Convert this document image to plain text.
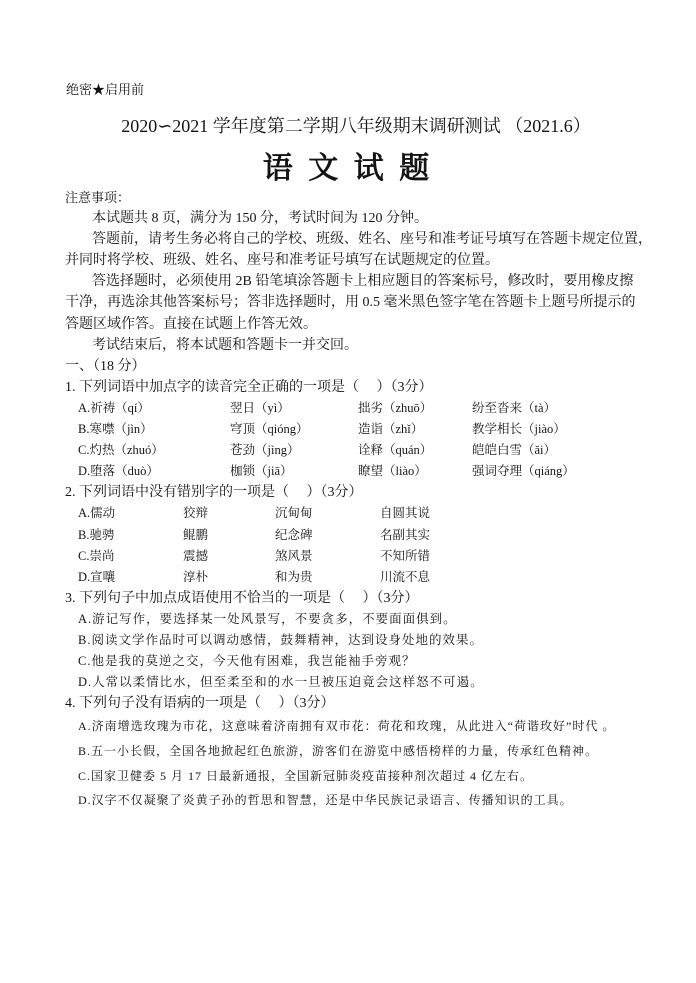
绝密★启用前
2020∽2021 学年度第二学期八年级期末调研测试 （2021.6）
语 文 试 题
注意事项：
本试题共 8 页，满分为 150 分，考试时间为 120 分钟。
答题前，请考生务必将自己的学校、班级、姓名、座号和准考证号填写在答题卡规定位置，
并同时将学校、班级、姓名、座号和准考证号填写在试题规定的位置。
答选择题时，必须使用 2B 铅笔填涂答题卡上相应题目的答案标号，修改时，要用橡皮擦
干净，再选涂其他答案标号；答非选择题时，用 0.5 毫米黑色签字笔在答题卡上题号所提示的
答题区域作答。直接在试题上作答无效。
考试结束后，将本试题和答题卡一并交回。
一、（18 分）
1. 下列词语中加点字的读音完全正确的一项是（     ）（3分）

A.祈祷（qí）

	翌日（yì）

	拙劣（zhuō）

	纷至沓来（tà）

B.寒噤（jìn）

	穹顶（qióng）

	造诣（zhǐ）

	教学相长（jiào）

C.灼热（zhuó）

	苍劲（jìng）

	诠释（quán）

	皑皑白雪（ǎi）

D.堕落（duò）

	枷锁（jiā）

	瞭望（liào）

	强词夺理（qiáng）

2. 下列词语中没有错别字的一项是（     ）（3分）

A.儒动

	狡辩

	沉甸甸

	自圆其说

B.驰骋

	鲲鹏

	纪念碑

	名副其实

C.崇尚

	震撼

	煞风景

	不知所错

D.宣嚷

	淳朴

	和为贵

	川流不息

3. 下列句子中加点成语使用不恰当的一项是（     ）（3分）
A.游记写作，要选择某一处风景写，不要贪多，不要面面俱到。
B.阅读文学作品时可以调动感情，鼓舞精神，达到设身处地的效果。
C.他是我的莫逆之交，今天他有困难，我岂能袖手旁观？
D.人常以柔情比水，但至柔至和的水一旦被压迫竟会这样怒不可遏。
4. 下列句子没有语病的一项是（     ）（3分）
A.济南增选玫瑰为市花，这意味着济南拥有双市花：荷花和玫瑰，从此进入“荷谐玫好”时代 。
B.五一小长假，全国各地掀起红色旅游，游客们在游览中感悟榜样的力量，传承红色精神。
C.国家卫健委 5 月 17 日最新通报，全国新冠肺炎疫苗接种剂次超过 4 亿左右。
D.汉字不仅凝聚了炎黄子孙的哲思和智慧，还是中华民族记录语言、传播知识的工具。
